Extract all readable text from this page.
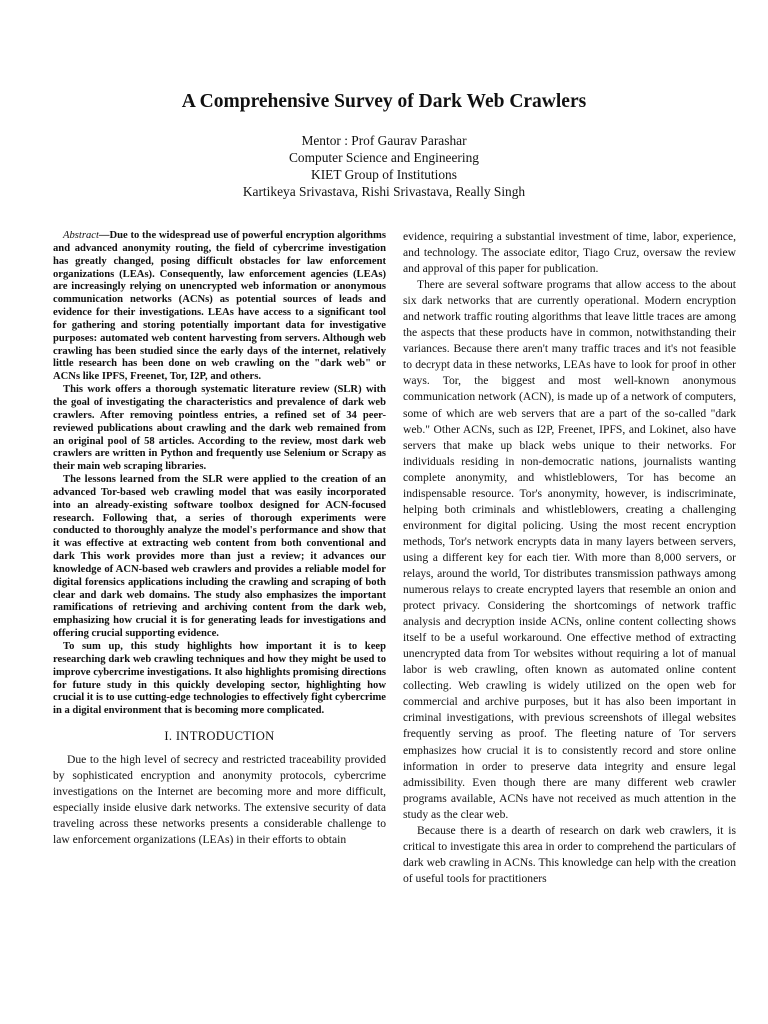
A Comprehensive Survey of Dark Web Crawlers
Mentor : Prof Gaurav Parashar
Computer Science and Engineering
KIET Group of Institutions
Kartikeya Srivastava, Rishi Srivastava, Really Singh

Abstract—Due to the widespread use of powerful encryption algorithms and advanced anonymity routing, the field of cybercrime investigation has greatly changed, posing difficult obstacles for law enforcement organizations (LEAs). Consequently, law enforcement agencies (LEAs) are increasingly relying on unencrypted web information or anonymous communication networks (ACNs) as potential sources of leads and evidence for their investigations. LEAs have access to a significant tool for gathering and storing potentially important data for investigative purposes: automated web content harvesting from servers. Although web crawling has been studied since the early days of the internet, relatively little research has been done on web crawling on the "dark web" or ACNs like IPFS, Freenet, Tor, I2P, and others.

This work offers a thorough systematic literature review (SLR) with the goal of investigating the characteristics and prevalence of dark web crawlers. After removing pointless entries, a refined set of 34 peer-reviewed publications about crawling and the dark web remained from an original pool of 58 articles. According to the review, most dark web crawlers are written in Python and frequently use Selenium or Scrapy as their main web scraping libraries.

The lessons learned from the SLR were applied to the creation of an advanced Tor-based web crawling model that was easily incorporated into an already-existing software toolbox designed for ACN-focused research. Following that, a series of thorough experiments were conducted to thoroughly analyze the model's performance and show that it was effective at extracting web content from both conventional and dark This work provides more than just a review; it advances our knowledge of ACN-based web crawlers and provides a reliable model for digital forensics applications including the crawling and scraping of both clear and dark web domains. The study also emphasizes the important ramifications of retrieving and archiving content from the dark web, emphasizing how crucial it is for generating leads for investigations and offering crucial supporting evidence.

To sum up, this study highlights how important it is to keep researching dark web crawling techniques and how they might be used to improve cybercrime investigations. It also highlights promising directions for future study in this quickly developing sector, highlighting how crucial it is to use cutting-edge technologies to effectively fight cybercrime in a digital environment that is becoming more complicated.

I. INTRODUCTION

Due to the high level of secrecy and restricted traceability provided by sophisticated encryption and anonymity protocols, cybercrime investigations on the Internet are becoming more and more difficult, especially inside elusive dark networks. The extensive security of data traveling across these networks presents a considerable challenge to law enforcement organizations (LEAs) in their efforts to obtain

evidence, requiring a substantial investment of time, labor, experience, and technology. The associate editor, Tiago Cruz, oversaw the review and approval of this paper for publication.

There are several software programs that allow access to the about six dark networks that are currently operational. Modern encryption and network traffic routing algorithms that leave little traces are among the aspects that these products have in common, notwithstanding their variances. Because there aren't many traffic traces and it's not feasible to decrypt data in these networks, LEAs have to look for proof in other ways. Tor, the biggest and most well-known anonymous communication network (ACN), is made up of a network of computers, some of which are web servers that are a part of the so-called "dark web." Other ACNs, such as I2P, Freenet, IPFS, and Lokinet, also have servers that make up black webs unique to their networks. For individuals residing in non-democratic nations, journalists wanting complete anonymity, and whistleblowers, Tor has become an indispensable resource. Tor's anonymity, however, is indiscriminate, helping both criminals and whistleblowers, creating a challenging environment for digital policing. Using the most recent encryption methods, Tor's network encrypts data in many layers between servers, using a different key for each tier. With more than 8,000 servers, or relays, around the world, Tor distributes transmission pathways among numerous relays to create encrypted layers that resemble an onion and protect privacy. Considering the shortcomings of network traffic analysis and decryption inside ACNs, online content collecting shows itself to be a useful workaround. One effective method of extracting unencrypted data from Tor websites without requiring a lot of manual labor is web crawling, often known as automated online content collecting. Web crawling is widely utilized on the open web for commercial and archive purposes, but it has also been important in criminal investigations, with previous screenshots of illegal websites frequently serving as proof. The fleeting nature of Tor servers emphasizes how crucial it is to consistently record and store online information in order to preserve data integrity and ensure legal admissibility. Even though there are many different web crawler programs available, ACNs have not received as much attention in the study as the clear web.

Because there is a dearth of research on dark web crawlers, it is critical to investigate this area in order to comprehend the particulars of dark web crawling in ACNs. This knowledge can help with the creation of useful tools for practitioners
